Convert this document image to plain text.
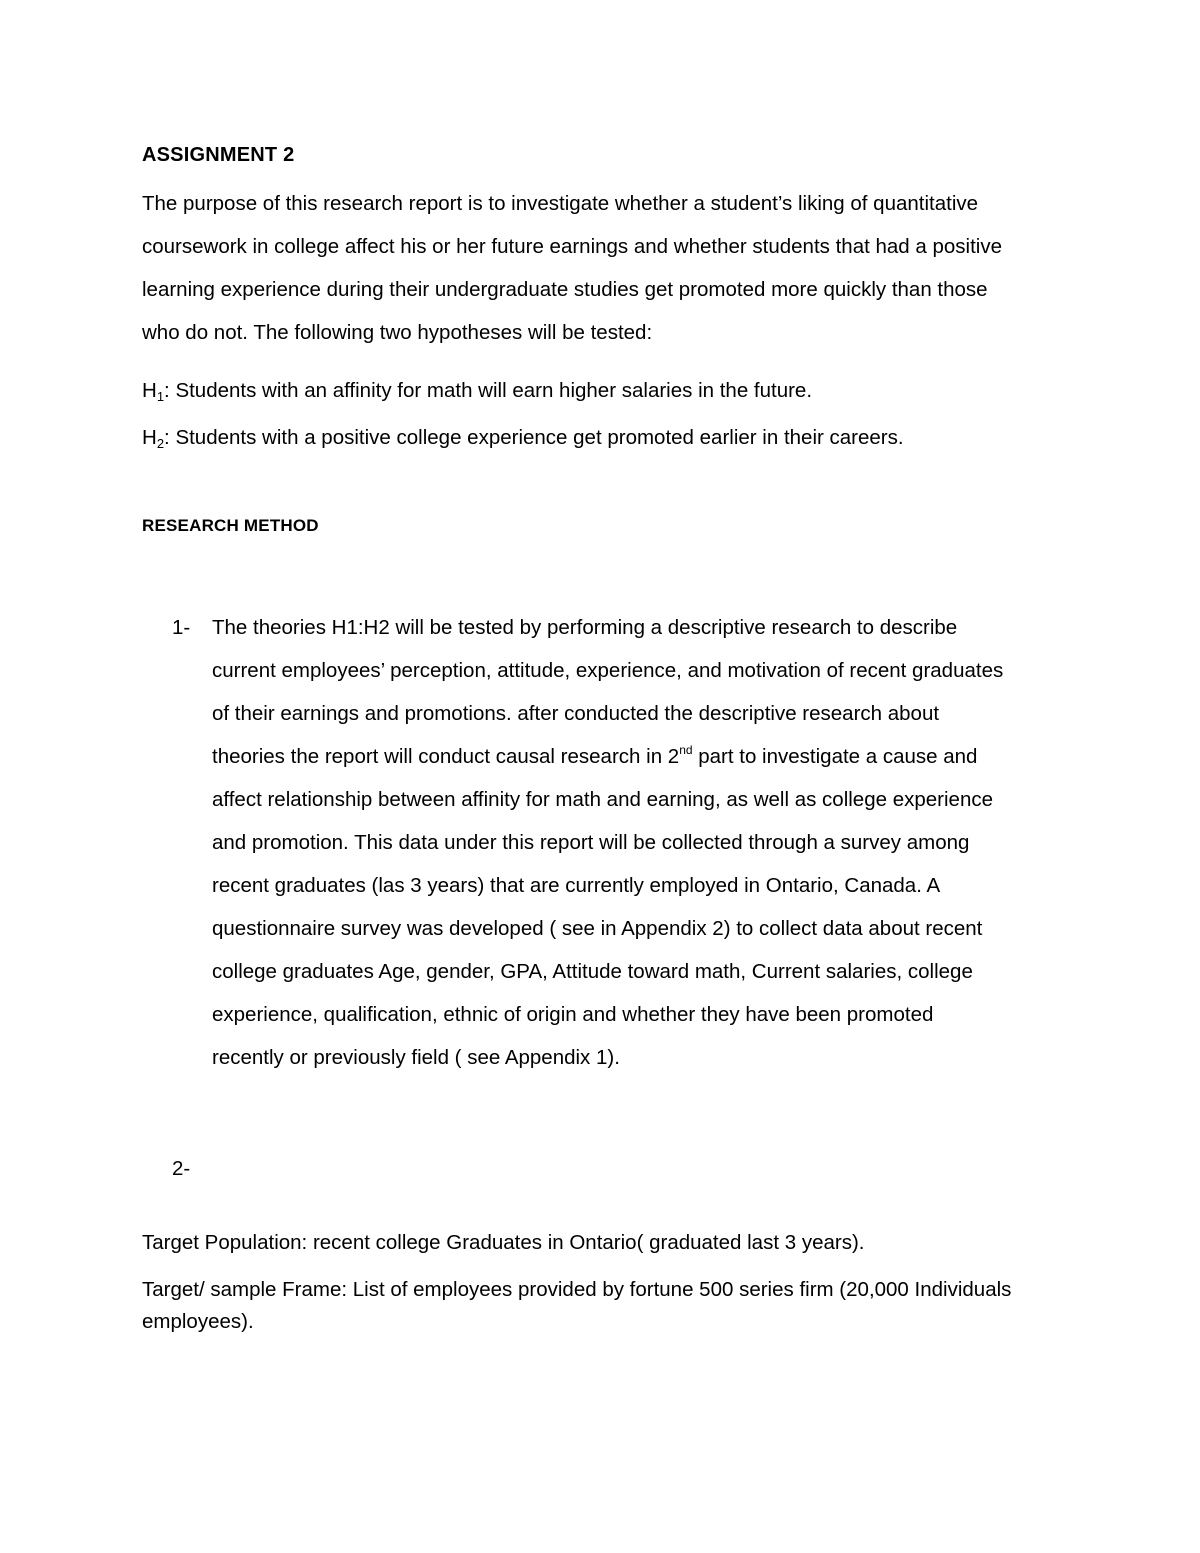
ASSIGNMENT 2
The purpose of this research report is to investigate whether a student’s liking of quantitative
coursework in college affect his or her future earnings and whether students that had a positive
learning experience during their undergraduate studies get promoted more quickly than those
who do not. The following two hypotheses will be tested:
$H_1$: Students with an affinity for math will earn higher salaries in the future.
$H_2$: Students with a positive college experience get promoted earlier in their careers.
RESEARCH METHOD
1- The theories H1:H2 will be tested by performing a descriptive research to describe
current employees’ perception, attitude, experience, and motivation of recent graduates
of their earnings and promotions. after conducted the descriptive research about
theories the report will conduct causal research in 2nd part to investigate a cause and
affect relationship between affinity for math and earning, as well as college experience
and promotion. This data under this report will be collected through a survey among
recent graduates (las 3 years) that are currently employed in Ontario, Canada. A
questionnaire survey was developed ( see in Appendix 2) to collect data about recent
college graduates Age, gender, GPA, Attitude toward math, Current salaries, college
experience, qualification, ethnic of origin and whether they have been promoted
recently or previously field ( see Appendix 1).
2-
Target Population: recent college Graduates in Ontario( graduated last 3 years).
Target/ sample Frame: List of employees provided by fortune 500 series firm (20,000 Individuals
employees).
